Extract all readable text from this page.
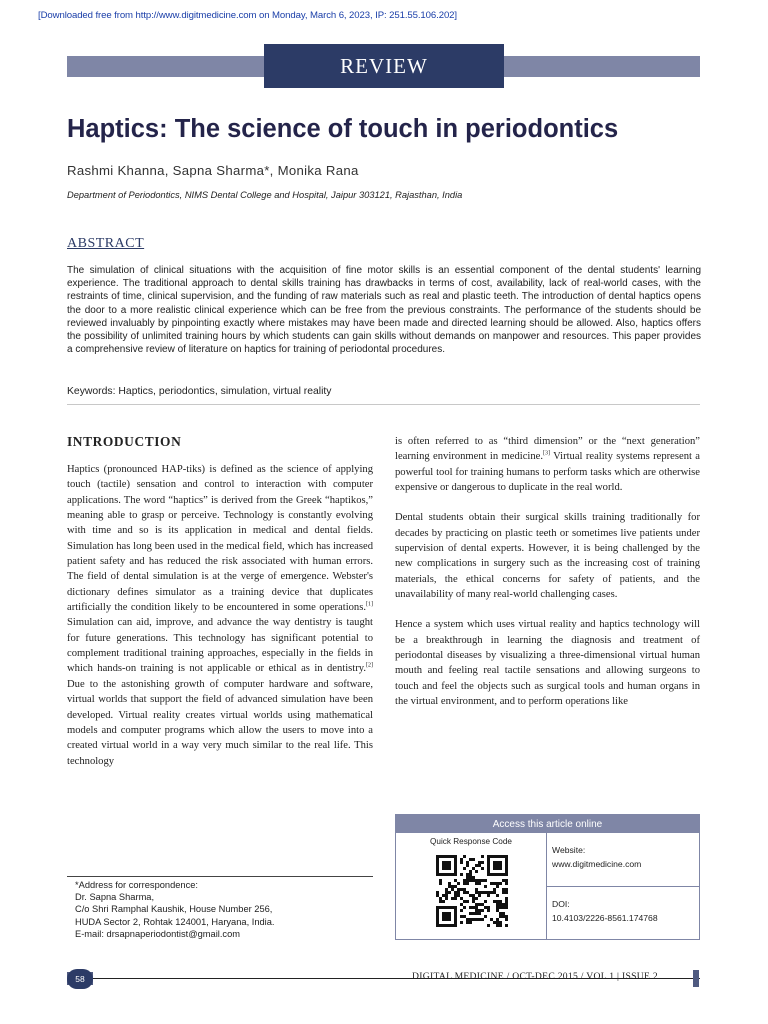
[Downloaded free from http://www.digitmedicine.com on Monday, March 6, 2023, IP: 251.55.106.202]
REVIEW
Haptics: The science of touch in periodontics
Rashmi Khanna, Sapna Sharma*, Monika Rana
Department of Periodontics, NIMS Dental College and Hospital, Jaipur 303121, Rajasthan, India
ABSTRACT

The simulation of clinical situations with the acquisition of fine motor skills is an essential component of the dental students' learning experience. The traditional approach to dental skills training has drawbacks in terms of cost, availability, lack of real-world cases, with the restraints of time, clinical supervision, and the funding of raw materials such as real and plastic teeth. The introduction of dental haptics opens the door to a more realistic clinical experience which can be free from the previous constraints. The performance of the students should be reviewed invaluably by pinpointing exactly where mistakes may have been made and directed learning should be allowed. Also, haptics offers the possibility of unlimited training hours by which students can gain skills without demands on manpower and resources. This paper provides a comprehensive review of literature on haptics for training of periodontal procedures.

Keywords: Haptics, periodontics, simulation, virtual reality
INTRODUCTION

Haptics (pronounced HAP-tiks) is defined as the science of applying touch (tactile) sensation and control to interaction with computer applications. The word “haptics” is derived from the Greek “haptikos,” meaning able to grasp or perceive. Technology is constantly evolving with time and so is its application in medical and dental fields. Simulation has long been used in the medical field, which has increased patient safety and has reduced the risk associated with human errors. The field of dental simulation is at the verge of emergence. Webster's dictionary defines simulator as a training device that duplicates artificially the condition likely to be encountered in some operations.[1] Simulation can aid, improve, and advance the way dentistry is taught for future generations. This technology has significant potential to complement traditional training approaches, especially in the fields in which hands-on training is not applicable or ethical as in dentistry.[2] Due to the astonishing growth of computer hardware and software, virtual worlds that support the field of advanced simulation have been developed. Virtual reality creates virtual worlds using mathematical models and computer programs which allow the users to move into a created virtual world in a way very much similar to the real life. This technology

is often referred to as “third dimension” or the “next generation” learning environment in medicine.[3] Virtual reality systems represent a powerful tool for training humans to perform tasks which are otherwise expensive or dangerous to duplicate in the real world.

Dental students obtain their surgical skills training traditionally for decades by practicing on plastic teeth or sometimes live patients under supervision of dental experts. However, it is being challenged by the new complications in surgery such as the increasing cost of training materials, the ethical concerns for safety of patients, and the unavailability of many real-world challenging cases.

Hence a system which uses virtual reality and haptics technology will be a breakthrough in learning the diagnosis and treatment of periodontal diseases by visualizing a three-dimensional virtual human mouth and feeling real tactile sensations and allowing surgeons to touch and feel the objects such as surgical tools and human organs in the virtual environment, and to perform operations like

*Address for correspondence:
Dr. Sapna Sharma,
C/o Shri Ramphal Kaushik, House Number 256,
HUDA Sector 2, Rohtak 124001, Haryana, India.
E-mail: drsapnaperiodontist@gmail.com
Access this article online
Quick Response Code
Website:
www.digitmedicine.com
DOI:
10.4103/2226-8561.174768
58	DIGITAL MEDICINE / OCT-DEC 2015 / VOL 1 | ISSUE 2
